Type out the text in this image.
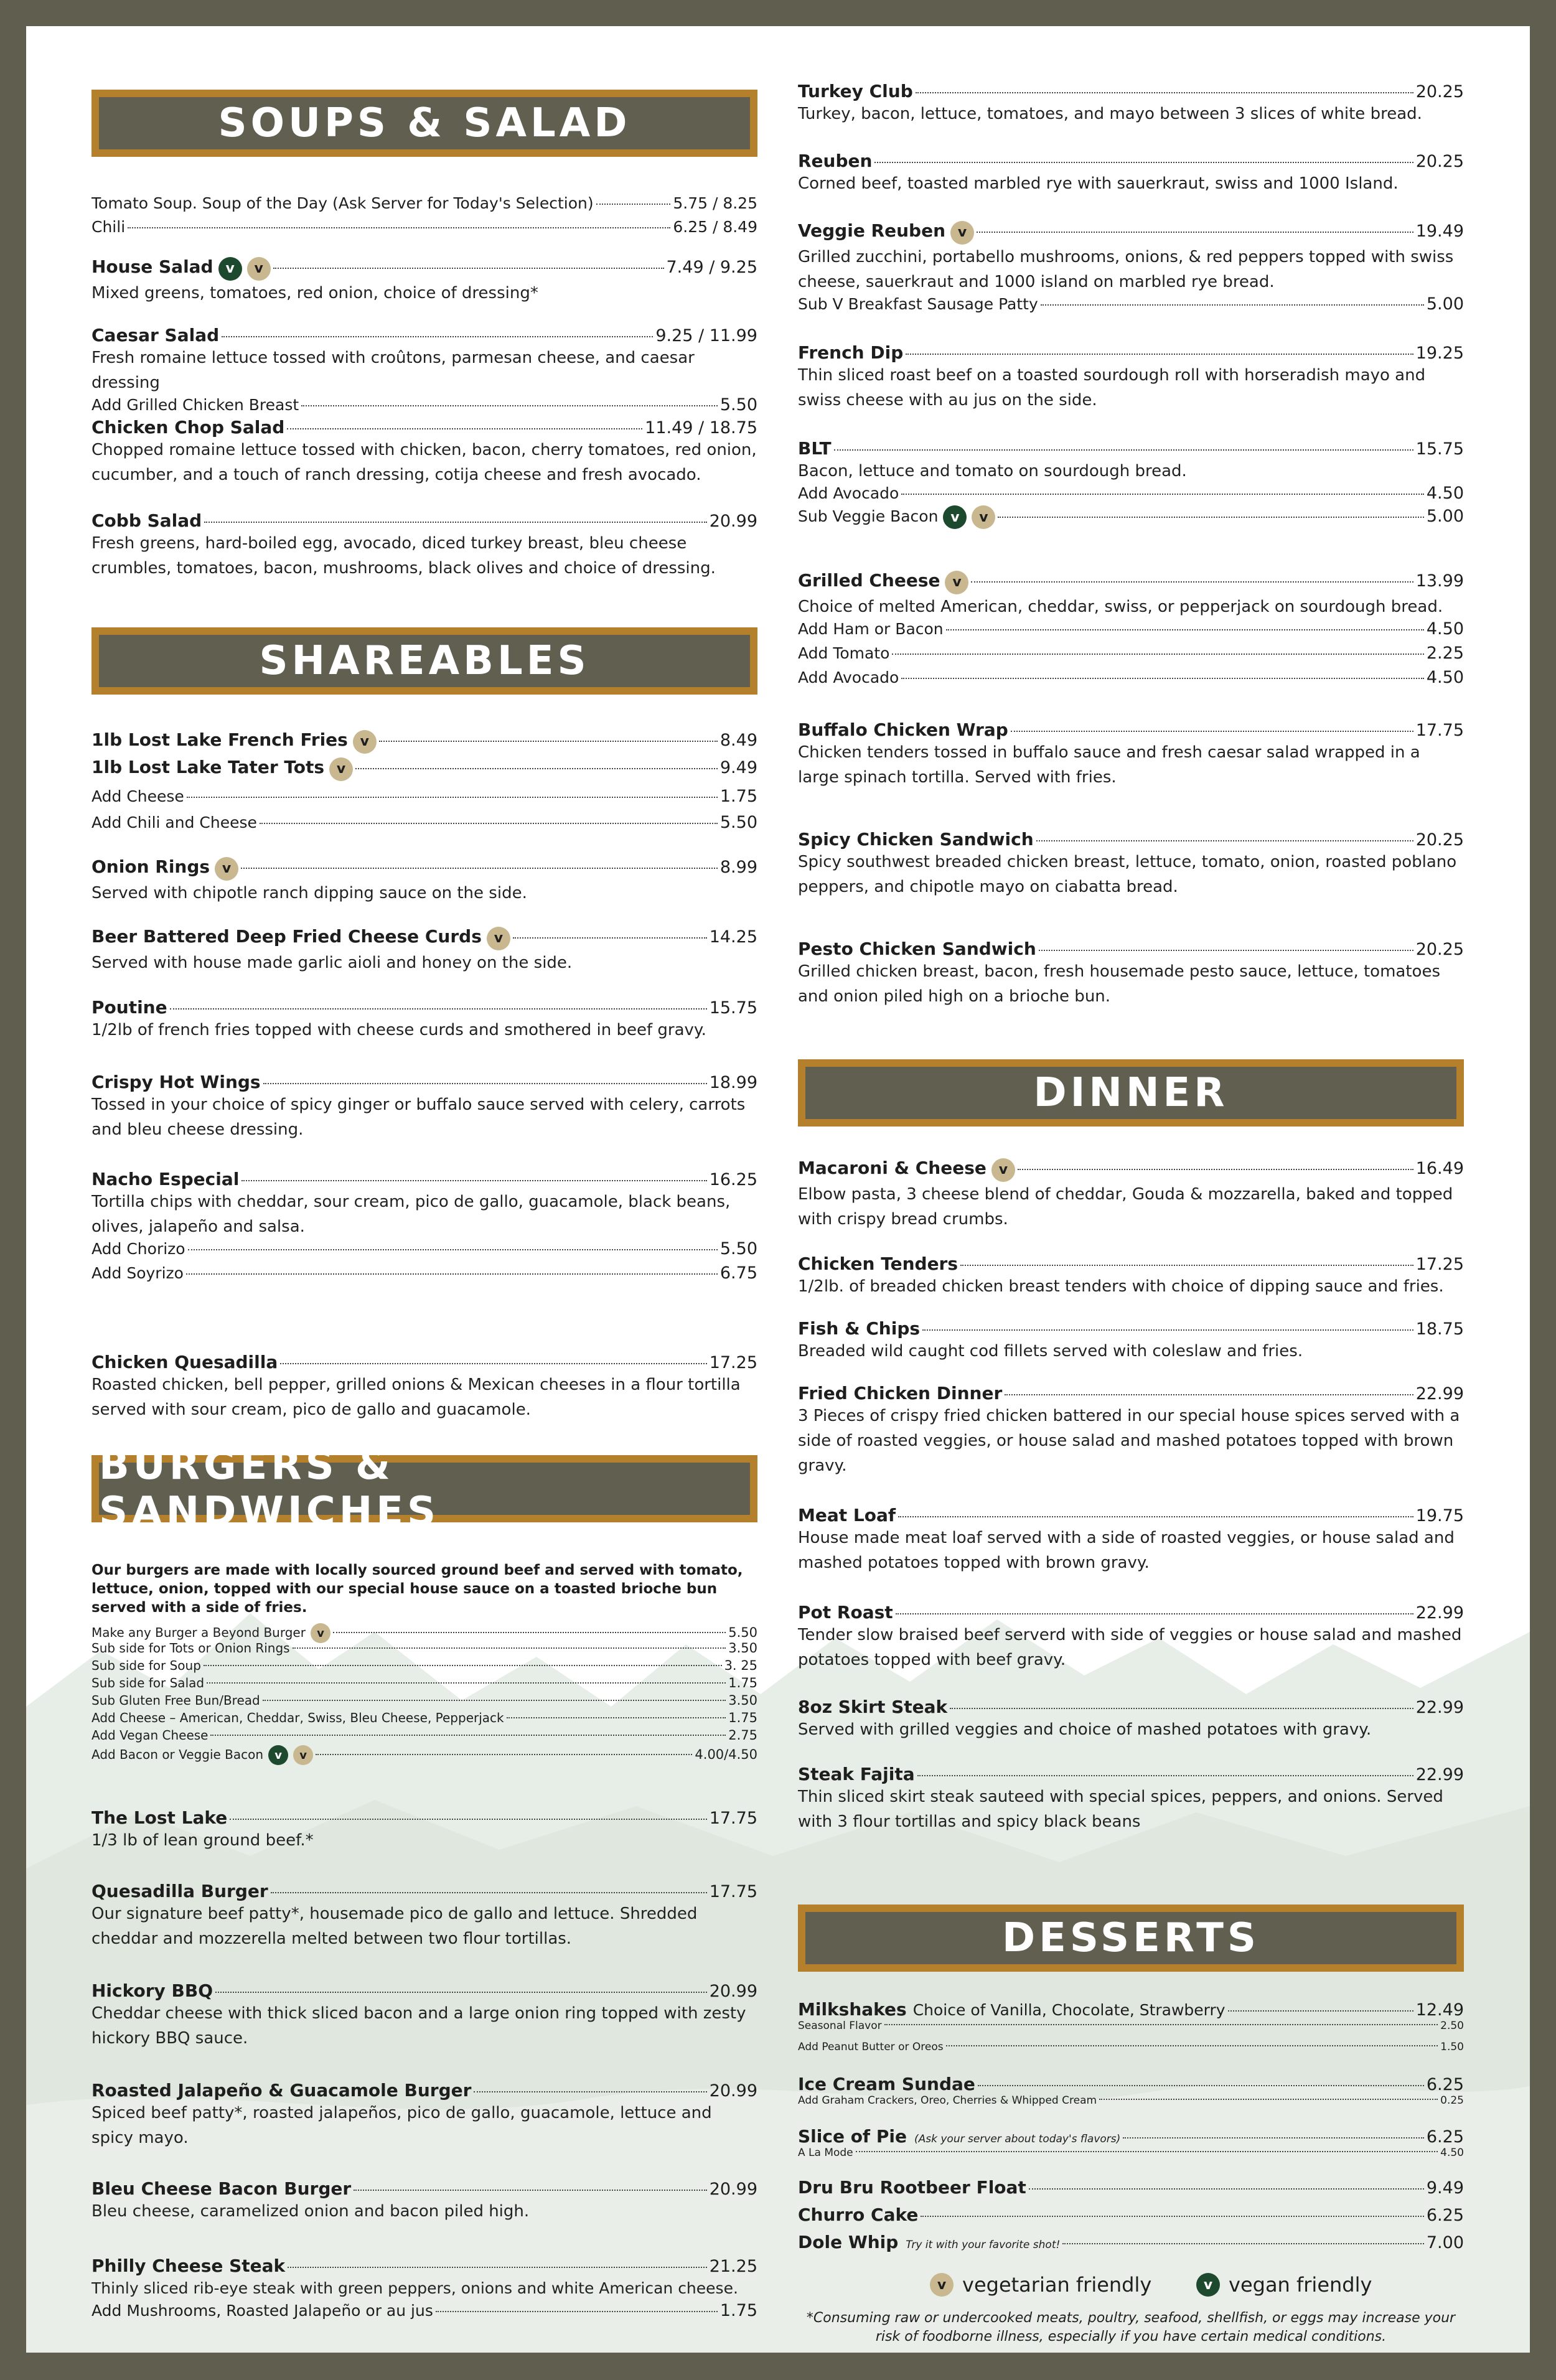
SOUPS & SALAD
Tomato Soup. Soup of the Day (Ask Server for Today's Selection)	5.75 / 8.25
Chili	6.25 / 8.49
House Salad v	v	7.49 / 9.25
Mixed greens, tomatoes, red onion, choice of dressing*
Caesar Salad	9.25 / 11.99
Fresh romaine lettuce tossed with croûtons, parmesan cheese, and caesar dressing
Add Grilled Chicken Breast	5.50
Chicken Chop Salad	11.49 / 18.75
Chopped romaine lettuce tossed with chicken, bacon, cherry tomatoes, red onion, cucumber, and a touch of ranch dressing, cotija cheese and fresh avocado.
Cobb Salad	20.99
Fresh greens, hard-boiled egg, avocado, diced turkey breast, bleu cheese crumbles, tomatoes, bacon, mushrooms, black olives and choice of dressing.
SHAREABLES
1lb Lost Lake French Fries v	8.49
1lb Lost Lake Tater Tots v	9.49
Add Cheese	1.75
Add Chili and Cheese	5.50
Onion Rings v	8.99
Served with chipotle ranch dipping sauce on the side.
Beer Battered Deep Fried Cheese Curds v	14.25
Served with house made garlic aioli and honey on the side.
Poutine	15.75
1/2lb of french fries topped with cheese curds and smothered in beef gravy.
Crispy Hot Wings	18.99
Tossed in your choice of spicy ginger or buffalo sauce served with celery, carrots and bleu cheese dressing.
Nacho Especial	16.25
Tortilla chips with cheddar, sour cream, pico de gallo, guacamole, black beans, olives, jalapeño and salsa.
Add Chorizo	5.50
Add Soyrizo	6.75
Chicken Quesadilla	17.25
Roasted chicken, bell pepper, grilled onions & Mexican cheeses in a flour tortilla served with sour cream, pico de gallo and guacamole.
BURGERS & SANDWICHES
Our burgers are made with locally sourced ground beef and served with tomato, lettuce, onion, topped with our special house sauce on a toasted brioche bun served with a side of fries.
Make any Burger a Beyond Burger	v	5.50
Sub side for Tots or Onion Rings	3.50
Sub side for Soup	3. 25
Sub side for Salad	1.75
Sub Gluten Free Bun/Bread	3.50
Add Cheese – American, Cheddar, Swiss, Bleu Cheese, Pepperjack	1.75
Add Vegan Cheese	2.75
Add Bacon or Veggie Bacon	v	v	4.00/4.50
The Lost Lake	17.75
1/3 lb of lean ground beef.*
Quesadilla Burger	17.75
Our signature beef patty*, housemade pico de gallo and lettuce. Shredded cheddar and mozzerella melted between two flour tortillas.
Hickory BBQ	20.99
Cheddar cheese with thick sliced bacon and a large onion ring topped with zesty hickory BBQ sauce.
Roasted Jalapeño & Guacamole Burger	20.99
Spiced beef patty*, roasted jalapeños, pico de gallo, guacamole, lettuce and spicy mayo.
Bleu Cheese Bacon Burger	20.99
Bleu cheese, caramelized onion and bacon piled high.
Philly Cheese Steak	21.25
Thinly sliced rib-eye steak with green peppers, onions and white American cheese.
Add Mushrooms, Roasted Jalapeño or au jus	1.75
Turkey Club	20.25
Turkey, bacon, lettuce, tomatoes, and mayo between 3 slices of white bread.
Reuben	20.25
Corned beef, toasted marbled rye with sauerkraut, swiss and 1000 Island.
Veggie Reuben v	19.49
Grilled zucchini, portabello mushrooms, onions, & red peppers topped with swiss cheese, sauerkraut and 1000 island on marbled rye bread.
Sub V Breakfast Sausage Patty	5.00
French Dip	19.25
Thin sliced roast beef on a toasted sourdough roll with horseradish mayo and swiss cheese with au jus on the side.
BLT	15.75
Bacon, lettuce and tomato on sourdough bread.
Add Avocado	4.50
Sub Veggie Bacon v	v	5.00
Grilled Cheese v	13.99
Choice of melted American, cheddar, swiss, or pepperjack on sourdough bread.
Add Ham or Bacon	4.50
Add Tomato	2.25
Add Avocado	4.50
Buffalo Chicken Wrap	17.75
Chicken tenders tossed in buffalo sauce and fresh caesar salad wrapped in a large spinach tortilla. Served with fries.
Spicy Chicken Sandwich	20.25
Spicy southwest breaded chicken breast, lettuce, tomato, onion, roasted poblano peppers, and chipotle mayo on ciabatta bread.
Pesto Chicken Sandwich	20.25
Grilled chicken breast, bacon, fresh housemade pesto sauce, lettuce, tomatoes and onion piled high on a brioche bun.
DINNER
Macaroni & Cheese v	16.49
Elbow pasta, 3 cheese blend of cheddar, Gouda & mozzarella, baked and topped with crispy bread crumbs.
Chicken Tenders	17.25
1/2lb. of breaded chicken breast tenders with choice of dipping sauce and fries.
Fish & Chips	18.75
Breaded wild caught cod fillets served with coleslaw and fries.
Fried Chicken Dinner	22.99
3 Pieces of crispy fried chicken battered in our special house spices served with a side of roasted veggies, or house salad and mashed potatoes topped with brown gravy.
Meat Loaf	19.75
House made meat loaf served with a side of roasted veggies, or house salad and mashed potatoes topped with brown gravy.
Pot Roast	22.99
Tender slow braised beef serverd with side of veggies or house salad and mashed potatoes topped with beef gravy.
8oz Skirt Steak	22.99
Served with grilled veggies and choice of mashed potatoes with gravy.
Steak Fajita	22.99
Thin sliced skirt steak sauteed with special spices, peppers, and onions. Served with 3 flour tortillas and spicy black beans
DESSERTS
Milkshakes Choice of Vanilla, Chocolate, Strawberry	12.49
Seasonal Flavor	2.50
Add Peanut Butter or Oreos	1.50
Ice Cream Sundae	6.25
Add Graham Crackers, Oreo, Cherries & Whipped Cream	0.25
Slice of Pie (Ask your server about today's flavors)	6.25
A La Mode	4.50
Dru Bru Rootbeer Float	9.49
Churro Cake	6.25
Dole Whip Try it with your favorite shot!	7.00
v vegetarian friendly	v vegan friendly
*Consuming raw or undercooked meats, poultry, seafood, shellfish, or eggs may increase your risk of foodborne illness, especially if you have certain medical conditions.
